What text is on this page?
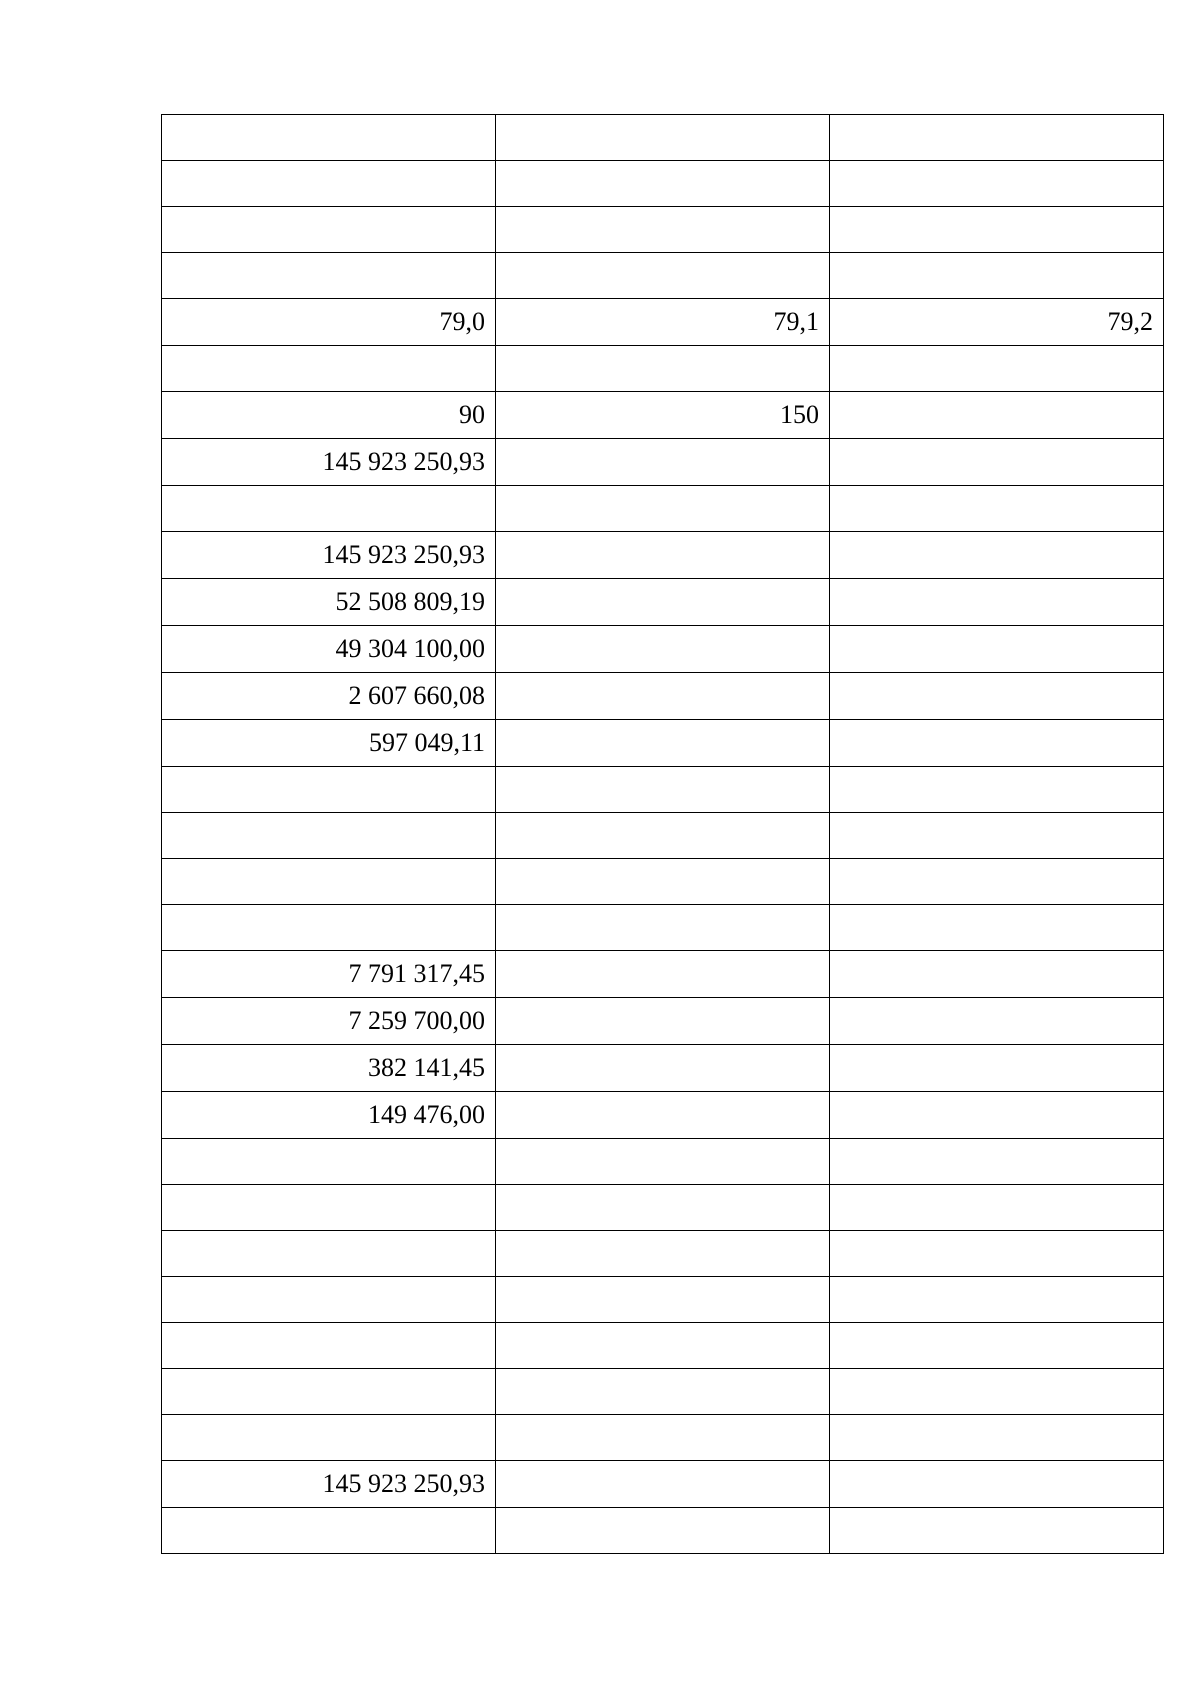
79,0	79,1	79,2

90	150	
145 923 250,93		

145 923 250,93		
52 508 809,19		
49 304 100,00		
2 607 660,08		
597 049,11		

7 791 317,45		
7 259 700,00		
382 141,45		
149 476,00		

145 923 250,93		
